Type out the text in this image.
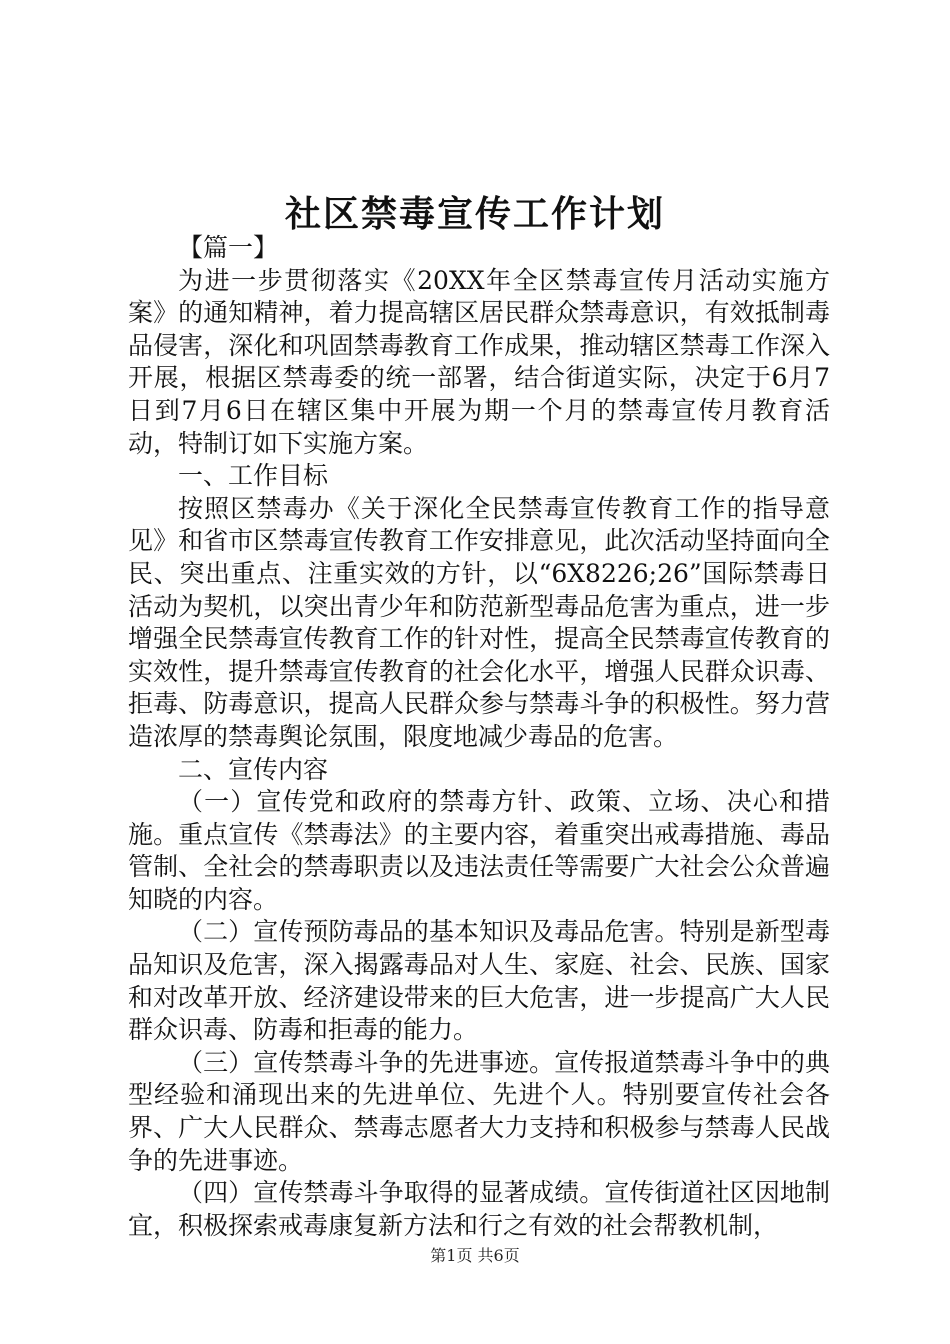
社区禁毒宣传工作计划

【篇一】

为进一步贯彻落实《20XX年全区禁毒宣传月活动实施方案》的通知精神，着力提高辖区居民群众禁毒意识，有效抵制毒品侵害，深化和巩固禁毒教育工作成果，推动辖区禁毒工作深入开展，根据区禁毒委的统一部署，结合街道实际，决定于6月7日到7月6日在辖区集中开展为期一个月的禁毒宣传月教育活动，特制订如下实施方案。

一、工作目标

按照区禁毒办《关于深化全民禁毒宣传教育工作的指导意见》和省市区禁毒宣传教育工作安排意见，此次活动坚持面向全民、突出重点、注重实效的方针，以“6X8226;26”国际禁毒日活动为契机，以突出青少年和防范新型毒品危害为重点，进一步增强全民禁毒宣传教育工作的针对性，提高全民禁毒宣传教育的实效性，提升禁毒宣传教育的社会化水平，增强人民群众识毒、拒毒、防毒意识，提高人民群众参与禁毒斗争的积极性。努力营造浓厚的禁毒舆论氛围，限度地减少毒品的危害。

二、宣传内容

（一）宣传党和政府的禁毒方针、政策、立场、决心和措施。重点宣传《禁毒法》的主要内容，着重突出戒毒措施、毒品管制、全社会的禁毒职责以及违法责任等需要广大社会公众普遍知晓的内容。

（二）宣传预防毒品的基本知识及毒品危害。特别是新型毒品知识及危害，深入揭露毒品对人生、家庭、社会、民族、国家和对改革开放、经济建设带来的巨大危害，进一步提高广大人民群众识毒、防毒和拒毒的能力。

（三）宣传禁毒斗争的先进事迹。宣传报道禁毒斗争中的典型经验和涌现出来的先进单位、先进个人。特别要宣传社会各界、广大人民群众、禁毒志愿者大力支持和积极参与禁毒人民战争的先进事迹。

（四）宣传禁毒斗争取得的显著成绩。宣传街道社区因地制宜，积极探索戒毒康复新方法和行之有效的社会帮教机制，

第1页 共6页
